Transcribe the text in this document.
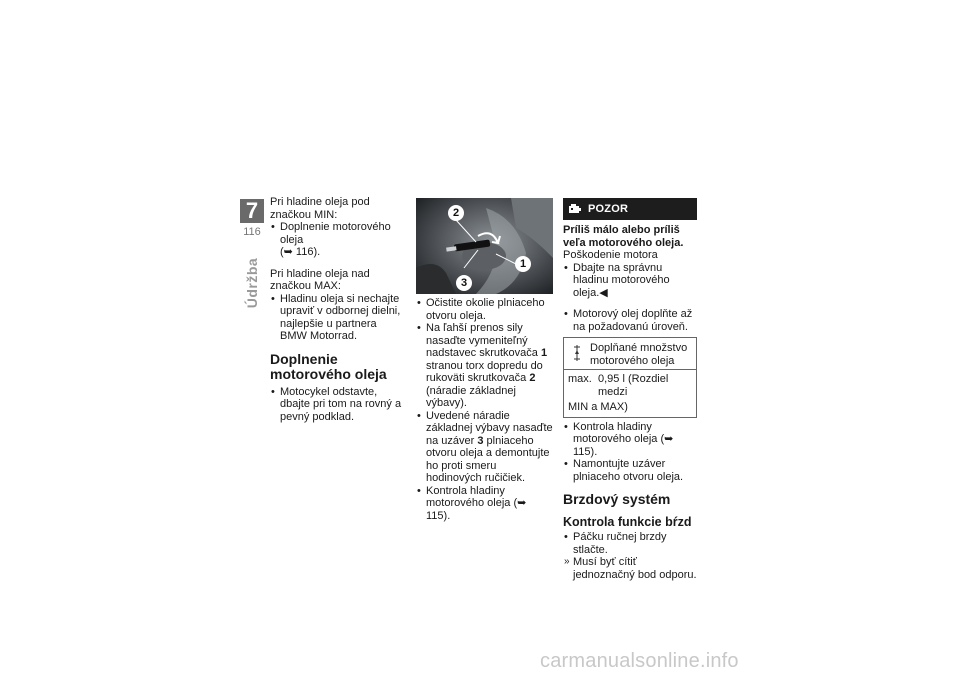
7
116
Údržba

Pri hladine oleja pod značkou MIN:

• Doplnenie motorového oleja
(➥ 116).

Pri hladine oleja nad značkou MAX:

• Hladinu oleja si nechajte upraviť v odbornej dielni, najlepšie u partnera BMW Motorrad.
Doplnenie motorového oleja
• Motocykel odstavte, dbajte pri tom na rovný a pevný podklad.
2
1
3
• Očistite okolie plniaceho otvoru oleja.
• Na ľahší prenos sily nasaďte vymeniteľný nadstavec skrutkovača 1 stranou torx dopredu do rukoväti skrutkovača 2 (náradie základnej výbavy).
• Uvedené náradie základnej výbavy nasaďte na uzáver 3 plniaceho otvoru oleja a demontujte ho proti smeru hodinových ručičiek.
• Kontrola hladiny motorového oleja (➥ 115).
POZOR

Príliš málo alebo príliš veľa motorového oleja.

Poškodenie motora

• Dbajte na správnu hladinu motorového oleja.◀
• Motorový olej doplňte až na požadovanú úroveň.
Doplňané množstvo motorového oleja
max. 0,95 l (Rozdiel medzi
MIN a MAX)
• Kontrola hladiny motorového oleja (➥ 115).
• Namontujte uzáver plniaceho otvoru oleja.
Brzdový systém
Kontrola funkcie bŕzd
• Páčku ručnej brzdy stlačte.
» Musí byť cítiť jednoznačný bod odporu.
carmanualsonline.info
